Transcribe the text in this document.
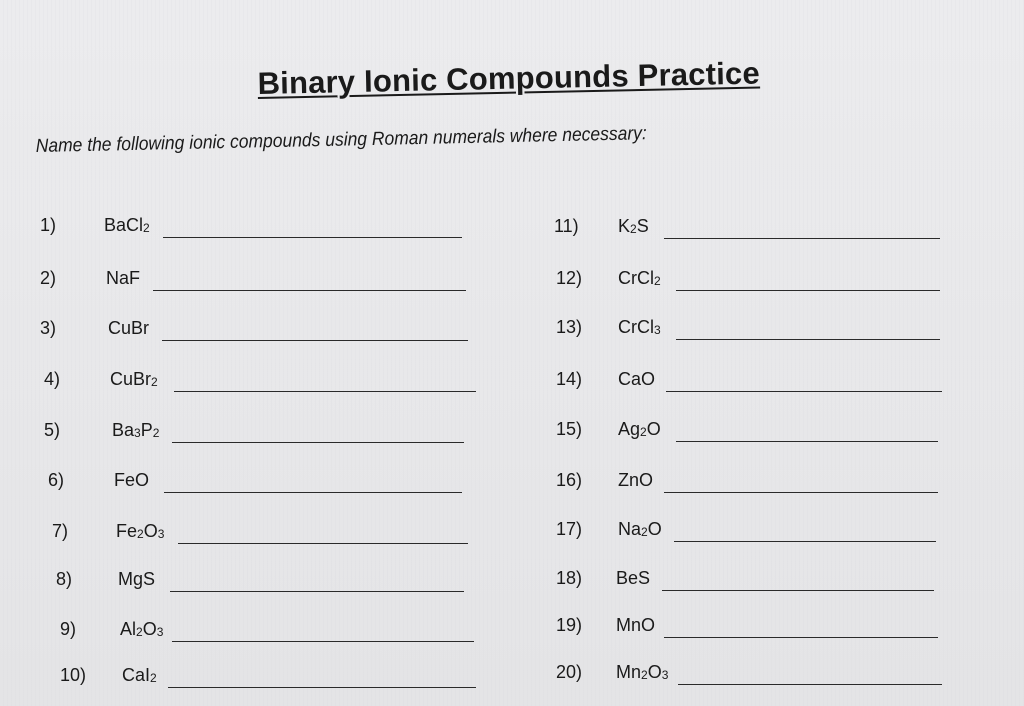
Binary Ionic Compounds Practice
Name the following ionic compounds using Roman numerals where necessary:
1)	BaCl$_2$
2)	NaF
3)	CuBr
4)	CuBr$_2$
5)	$Ba_3P_2$
6)	FeO
7)	$Fe_2O_3$
8)	MgS
9) $Al_2O_3$
10) CaI$_2$
11) $K_2S$
12) CrCl$_2$
13) CrCl$_3$
14) CaO
15) $Ag_2O$
16) ZnO
17) $Na_2O$
18) BeS
19) MnO
20) $Mn_2O_3$
